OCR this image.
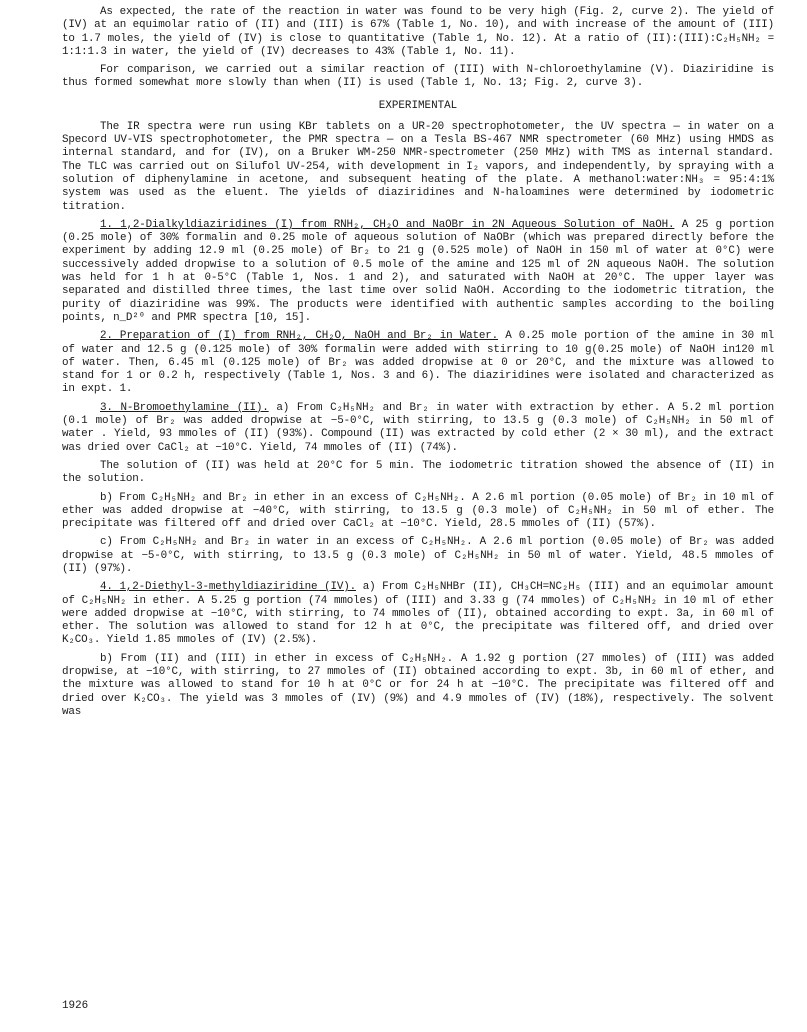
As expected, the rate of the reaction in water was found to be very high (Fig. 2, curve 2). The yield of (IV) at an equimolar ratio of (II) and (III) is 67% (Table 1, No. 10), and with increase of the amount of (III) to 1.7 moles, the yield of (IV) is close to quantitative (Table 1, No. 12). At a ratio of (II):(III):C₂H₅NH₂ = 1:1:1.3 in water, the yield of (IV) decreases to 43% (Table 1, No. 11).

For comparison, we carried out a similar reaction of (III) with N-chloroethylamine (V). Diaziridine is thus formed somewhat more slowly than when (II) is used (Table 1, No. 13; Fig. 2, curve 3).

EXPERIMENTAL

The IR spectra were run using KBr tablets on a UR-20 spectrophotometer, the UV spectra — in water on a Specord UV-VIS spectrophotometer, the PMR spectra — on a Tesla BS-467 NMR spectrometer (60 MHz) using HMDS as internal standard, and for (IV), on a Bruker WM-250 NMR-spectrometer (250 MHz) with TMS as internal standard. The TLC was carried out on Silufol UV-254, with development in I₂ vapors, and independently, by spraying with a solution of diphenylamine in acetone, and subsequent heating of the plate. A methanol:water:NH₃ = 95:4:1% system was used as the eluent. The yields of diaziridines and N-haloamines were determined by iodometric titration.

1. 1,2-Dialkyldiaziridines (I) from RNH₂, CH₂O and NaOBr in 2N Aqueous Solution of NaOH. A 25 g portion (0.25 mole) of 30% formalin and 0.25 mole of aqueous solution of NaOBr (which was prepared directly before the experiment by adding 12.9 ml (0.25 mole) of Br₂ to 21 g (0.525 mole) of NaOH in 150 ml of water at 0°C) were successively added dropwise to a solution of 0.5 mole of the amine and 125 ml of 2N aqueous NaOH. The solution was held for 1 h at 0-5°C (Table 1, Nos. 1 and 2), and saturated with NaOH at 20°C. The upper layer was separated and distilled three times, the last time over solid NaOH. According to the iodometric titration, the purity of diaziridine was 99%. The products were identified with authentic samples according to the boiling points, n_D²⁰ and PMR spectra [10, 15].

2. Preparation of (I) from RNH₂, CH₂O, NaOH and Br₂ in Water. A 0.25 mole portion of the amine in 30 ml of water and 12.5 g (0.125 mole) of 30% formalin were added with stirring to 10 g(0.25 mole) of NaOH in120 ml of water. Then, 6.45 ml (0.125 mole) of Br₂ was added dropwise at 0 or 20°C, and the mixture was allowed to stand for 1 or 0.2 h, respectively (Table 1, Nos. 3 and 6). The diaziridines were isolated and characterized as in expt. 1.

3. N-Bromoethylamine (II). a) From C₂H₅NH₂ and Br₂ in water with extraction by ether. A 5.2 ml portion (0.1 mole) of Br₂ was added dropwise at −5-0°C, with stirring, to 13.5 g (0.3 mole) of C₂H₅NH₂ in 50 ml of water . Yield, 93 mmoles of (II) (93%). Compound (II) was extracted by cold ether (2 × 30 ml), and the extract was dried over CaCl₂ at −10°C. Yield, 74 mmoles of (II) (74%).

The solution of (II) was held at 20°C for 5 min. The iodometric titration showed the absence of (II) in the solution.

b) From C₂H₅NH₂ and Br₂ in ether in an excess of C₂H₅NH₂. A 2.6 ml portion (0.05 mole) of Br₂ in 10 ml of ether was added dropwise at −40°C, with stirring, to 13.5 g (0.3 mole) of C₂H₅NH₂ in 50 ml of ether. The precipitate was filtered off and dried over CaCl₂ at −10°C. Yield, 28.5 mmoles of (II) (57%).

c) From C₂H₅NH₂ and Br₂ in water in an excess of C₂H₅NH₂. A 2.6 ml portion (0.05 mole) of Br₂ was added dropwise at −5-0°C, with stirring, to 13.5 g (0.3 mole) of C₂H₅NH₂ in 50 ml of water. Yield, 48.5 mmoles of (II) (97%).

4. 1,2-Diethyl-3-methyldiaziridine (IV). a) From C₂H₅NHBr (II), CH₃CH=NC₂H₅ (III) and an equimolar amount of C₂H₅NH₂ in ether. A 5.25 g portion (74 mmoles) of (III) and 3.33 g (74 mmoles) of C₂H₅NH₂ in 10 ml of ether were added dropwise at −10°C, with stirring, to 74 mmoles of (II), obtained according to expt. 3a, in 60 ml of ether. The solution was allowed to stand for 12 h at 0°C, the precipitate was filtered off, and dried over K₂CO₃. Yield 1.85 mmoles of (IV) (2.5%).

b) From (II) and (III) in ether in excess of C₂H₅NH₂. A 1.92 g portion (27 mmoles) of (III) was added dropwise, at −10°C, with stirring, to 27 mmoles of (II) obtained according to expt. 3b, in 60 ml of ether, and the mixture was allowed to stand for 10 h at 0°C or for 24 h at −10°C. The precipitate was filtered off and dried over K₂CO₃. The yield was 3 mmoles of (IV) (9%) and 4.9 mmoles of (IV) (18%), respectively. The solvent was

1926
